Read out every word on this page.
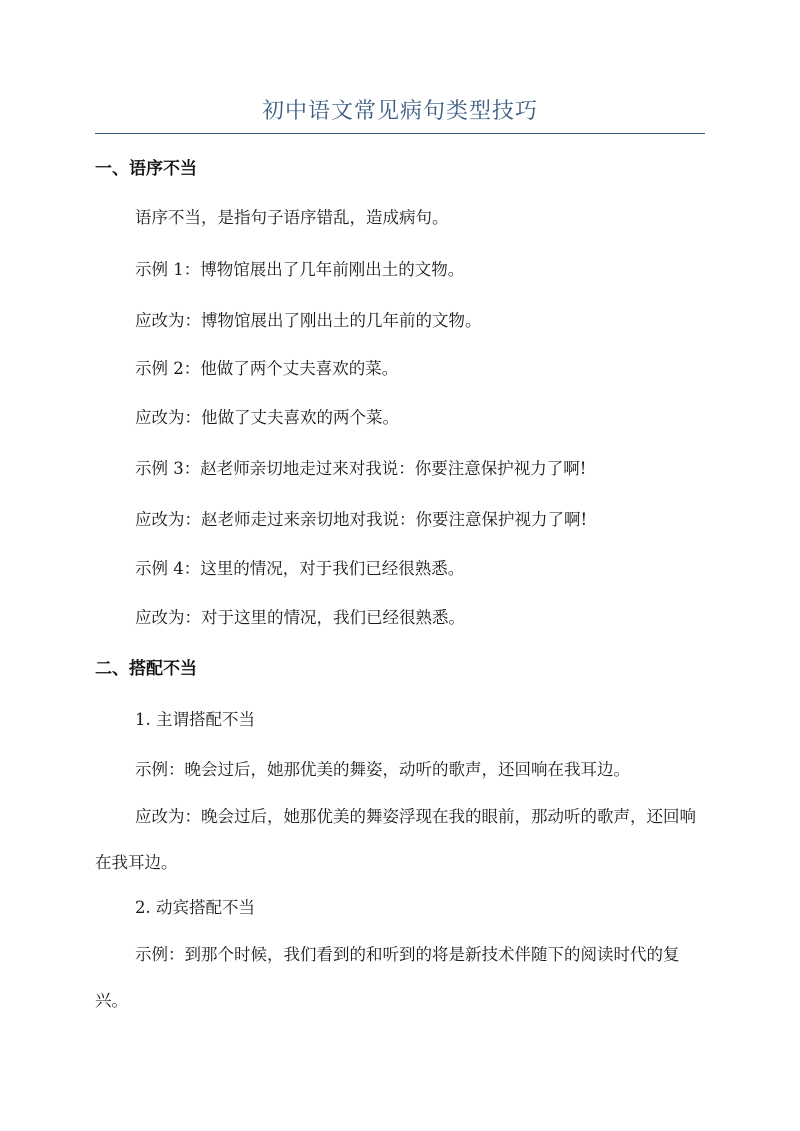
初中语文常见病句类型技巧
一、语序不当
语序不当，是指句子语序错乱，造成病句。
示例 1：博物馆展出了几年前刚出土的文物。
应改为：博物馆展出了刚出土的几年前的文物。
示例 2：他做了两个丈夫喜欢的菜。
应改为：他做了丈夫喜欢的两个菜。
示例 3：赵老师亲切地走过来对我说：你要注意保护视力了啊!
应改为：赵老师走过来亲切地对我说：你要注意保护视力了啊!
示例 4：这里的情况，对于我们已经很熟悉。
应改为：对于这里的情况，我们已经很熟悉。
二、搭配不当
1. 主谓搭配不当
示例：晚会过后，她那优美的舞姿，动听的歌声，还回响在我耳边。
应改为：晚会过后，她那优美的舞姿浮现在我的眼前，那动听的歌声，还回响在我耳边。
2. 动宾搭配不当
示例：到那个时候，我们看到的和听到的将是新技术伴随下的阅读时代的复兴。
